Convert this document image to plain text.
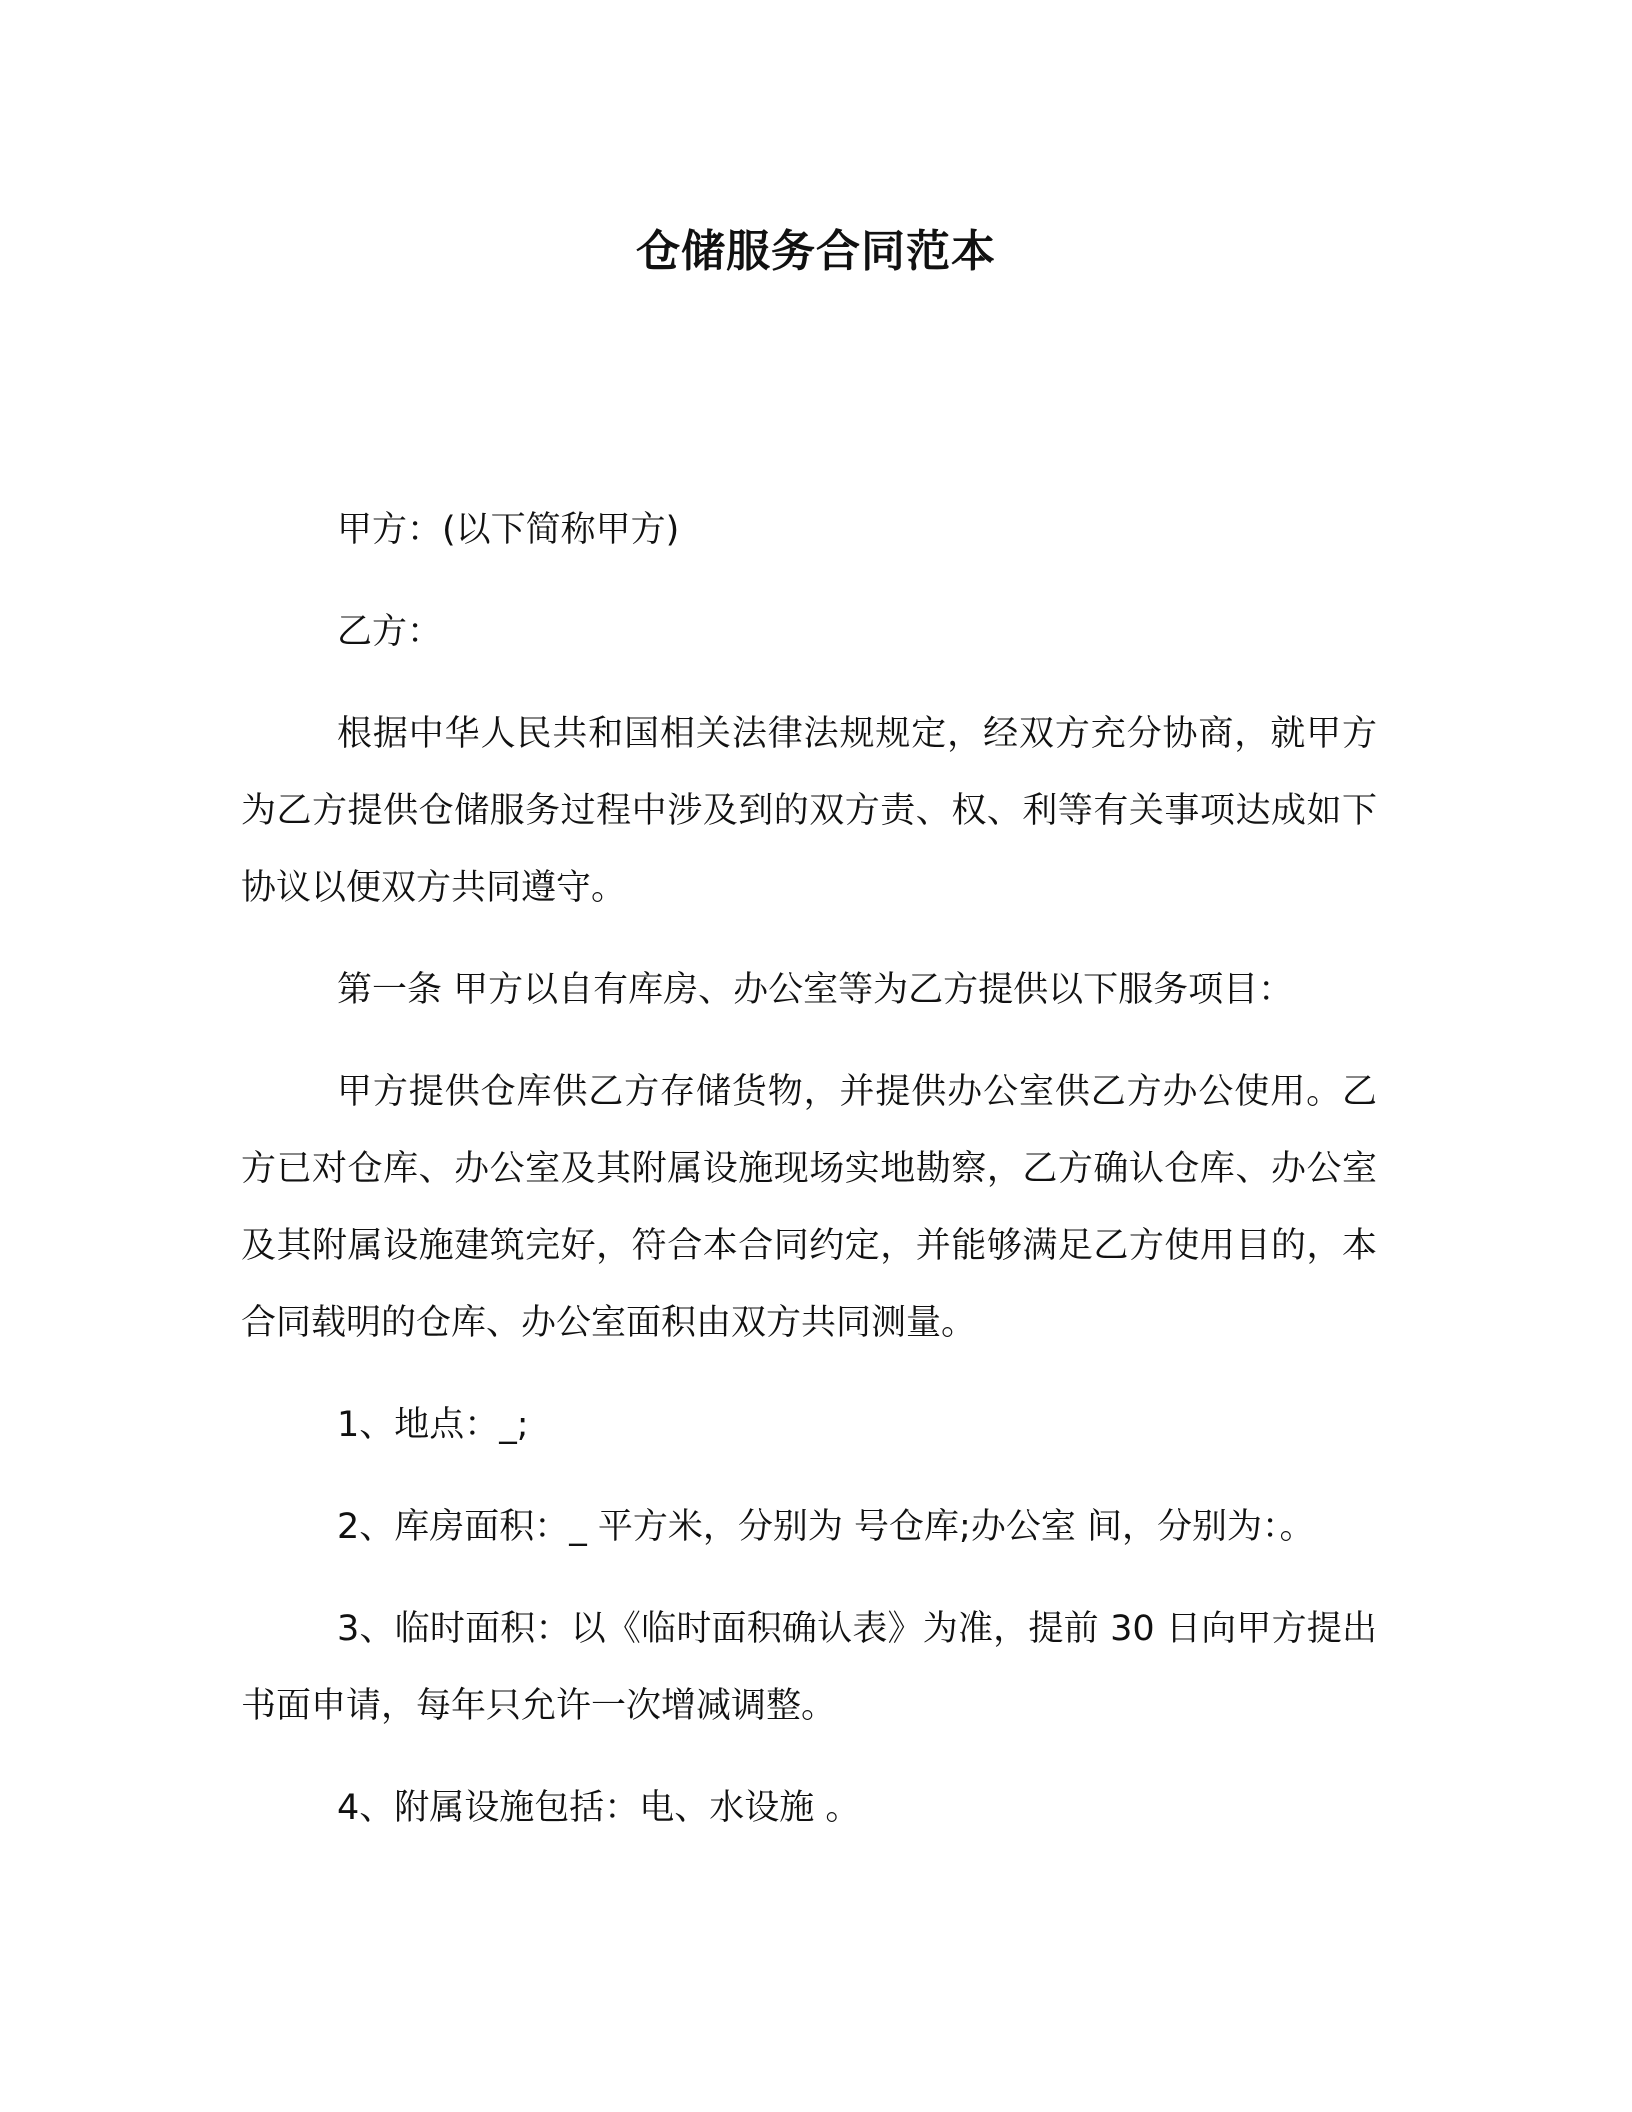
仓储服务合同范本

甲方：(以下简称甲方)

乙方：

根据中华人民共和国相关法律法规规定，经双方充分协商，就甲方为乙方提供仓储服务过程中涉及到的双方责、权、利等有关事项达成如下协议以便双方共同遵守。

第一条 甲方以自有库房、办公室等为乙方提供以下服务项目：

甲方提供仓库供乙方存储货物，并提供办公室供乙方办公使用。乙方已对仓库、办公室及其附属设施现场实地勘察，乙方确认仓库、办公室及其附属设施建筑完好，符合本合同约定，并能够满足乙方使用目的，本合同载明的仓库、办公室面积由双方共同测量。

1、地点：_;

2、库房面积：_ 平方米，分别为 号仓库;办公室 间，分别为：。

3、临时面积：以《临时面积确认表》为准，提前 30 日向甲方提出书面申请，每年只允许一次增减调整。

4、附属设施包括：电、水设施 。
